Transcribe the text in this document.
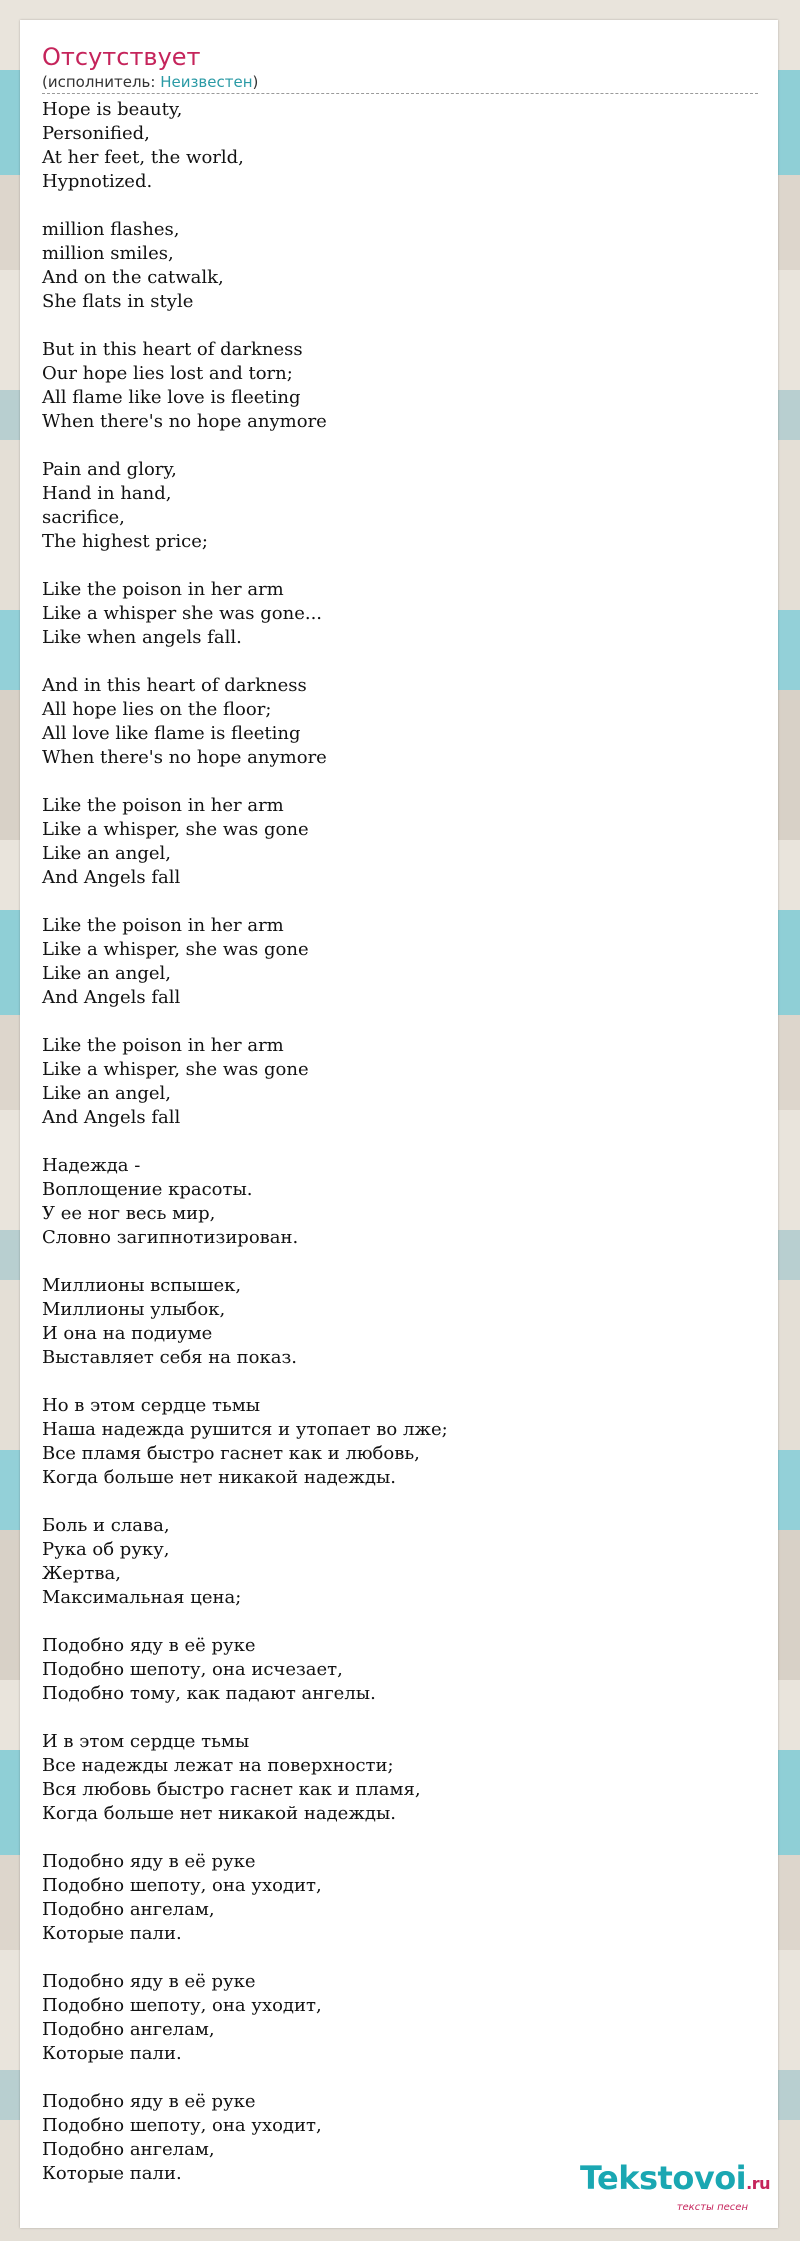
Отсутствует
(исполнитель: Неизвестен)
Hope is beauty,
Personified,
At her feet, the world,
Hypnotized.
million flashes,
million smiles,
And on the catwalk,
She flats in style
But in this heart of darkness
Our hope lies lost and torn;
All flame like love is fleeting
When there's no hope anymore
Pain and glory,
Hand in hand,
sacrifice,
The highest price;
Like the poison in her arm
Like a whisper she was gone...
Like when angels fall.
And in this heart of darkness
All hope lies on the floor;
All love like flame is fleeting
When there's no hope anymore
Like the poison in her arm
Like a whisper, she was gone
Like an angel,
And Angels fall
Like the poison in her arm
Like a whisper, she was gone
Like an angel,
And Angels fall
Like the poison in her arm
Like a whisper, she was gone
Like an angel,
And Angels fall
Надежда -
Воплощение красоты.
У ее ног весь мир,
Словно загипнотизирован.
Миллионы вспышек,
Миллионы улыбок,
И она на подиуме
Выставляет себя на показ.
Но в этом сердце тьмы
Наша надежда рушится и утопает во лже;
Все пламя быстро гаснет как и любовь,
Когда больше нет никакой надежды.
Боль и слава,
Рука об руку,
Жертва,
Максимальная цена;
Подобно яду в её руке
Подобно шепоту, она исчезает,
Подобно тому, как падают ангелы.
И в этом сердце тьмы
Все надежды лежат на поверхности;
Вся любовь быстро гаснет как и пламя,
Когда больше нет никакой надежды.
Подобно яду в её руке
Подобно шепоту, она уходит,
Подобно ангелам,
Которые пали.
Подобно яду в её руке
Подобно шепоту, она уходит,
Подобно ангелам,
Которые пали.
Подобно яду в её руке
Подобно шепоту, она уходит,
Подобно ангелам,
Которые пали.	Tekstovoi.ru
тексты песен
